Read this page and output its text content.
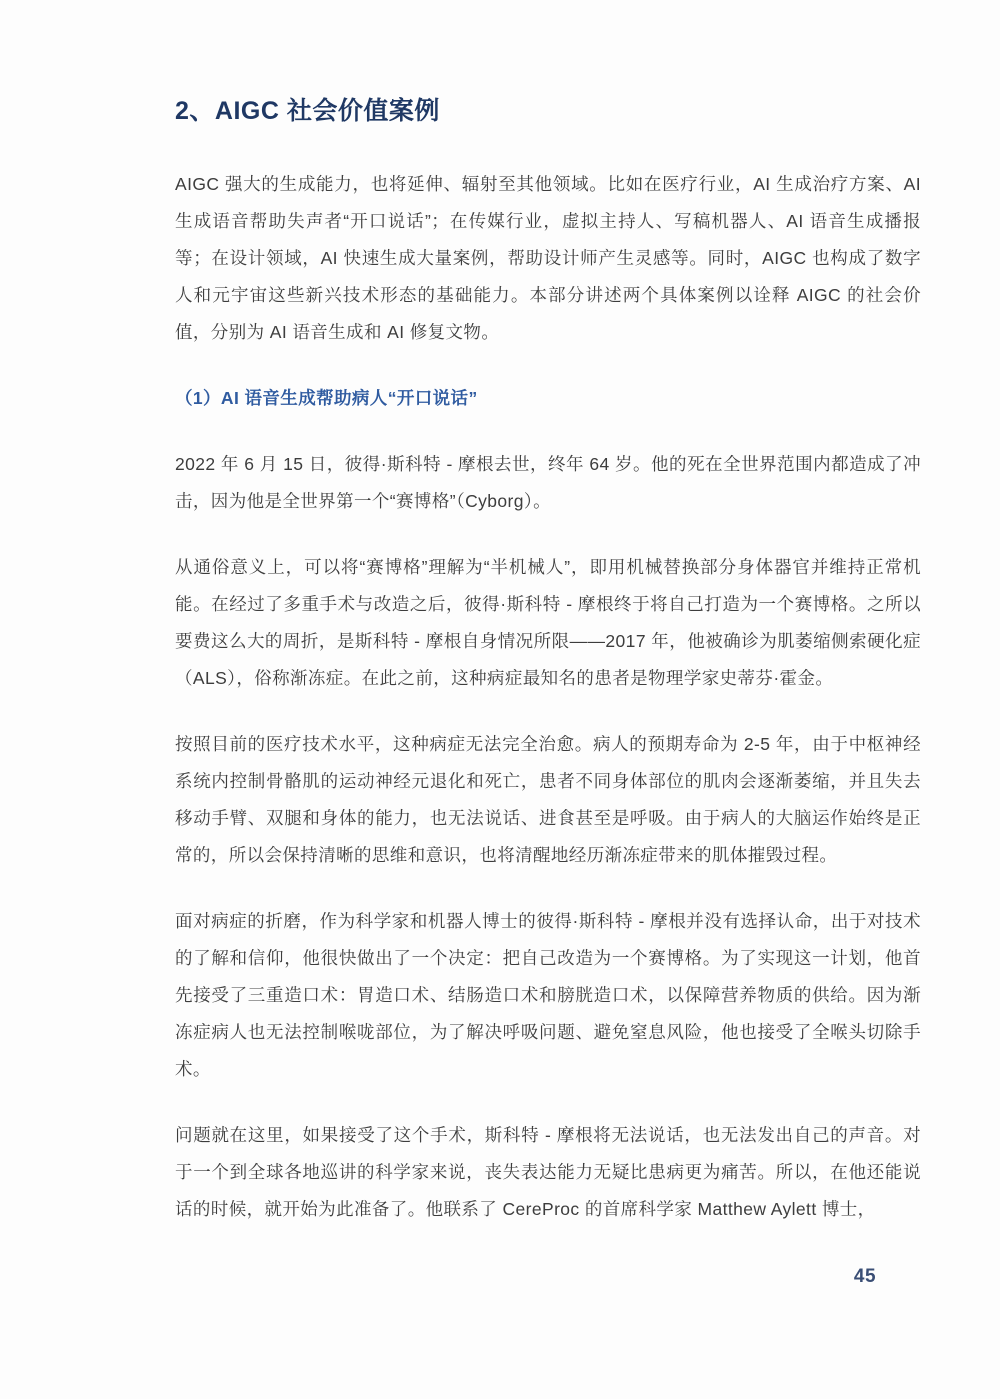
2、AIGC 社会价值案例

AIGC 强大的生成能力，也将延伸、辐射至其他领域。比如在医疗行业，AI 生成治疗方案、AI 生成语音帮助失声者“开口说话”；在传媒行业，虚拟主持人、写稿机器人、AI 语音生成播报等；在设计领域，AI 快速生成大量案例，帮助设计师产生灵感等。同时，AIGC 也构成了数字人和元宇宙这些新兴技术形态的基础能力。本部分讲述两个具体案例以诠释 AIGC 的社会价值，分别为 AI 语音生成和 AI 修复文物。

（1）AI 语音生成帮助病人“开口说话”

2022 年 6 月 15 日，彼得·斯科特 - 摩根去世，终年 64 岁。他的死在全世界范围内都造成了冲击，因为他是全世界第一个“赛博格”（Cyborg）。

从通俗意义上，可以将“赛博格”理解为“半机械人”，即用机械替换部分身体器官并维持正常机能。在经过了多重手术与改造之后，彼得·斯科特 - 摩根终于将自己打造为一个赛博格。之所以要费这么大的周折，是斯科特 - 摩根自身情况所限——2017 年，他被确诊为肌萎缩侧索硬化症（ALS），俗称渐冻症。在此之前，这种病症最知名的患者是物理学家史蒂芬·霍金。

按照目前的医疗技术水平，这种病症无法完全治愈。病人的预期寿命为 2-5 年，由于中枢神经系统内控制骨骼肌的运动神经元退化和死亡，患者不同身体部位的肌肉会逐渐萎缩，并且失去移动手臂、双腿和身体的能力，也无法说话、进食甚至是呼吸。由于病人的大脑运作始终是正常的，所以会保持清晰的思维和意识，也将清醒地经历渐冻症带来的肌体摧毁过程。

面对病症的折磨，作为科学家和机器人博士的彼得·斯科特 - 摩根并没有选择认命，出于对技术的了解和信仰，他很快做出了一个决定：把自己改造为一个赛博格。为了实现这一计划，他首先接受了三重造口术：胃造口术、结肠造口术和膀胱造口术，以保障营养物质的供给。因为渐冻症病人也无法控制喉咙部位，为了解决呼吸问题、避免窒息风险，他也接受了全喉头切除手术。

问题就在这里，如果接受了这个手术，斯科特 - 摩根将无法说话，也无法发出自己的声音。对于一个到全球各地巡讲的科学家来说，丧失表达能力无疑比患病更为痛苦。所以，在他还能说话的时候，就开始为此准备了。他联系了 CereProc 的首席科学家 Matthew Aylett 博士，

45
